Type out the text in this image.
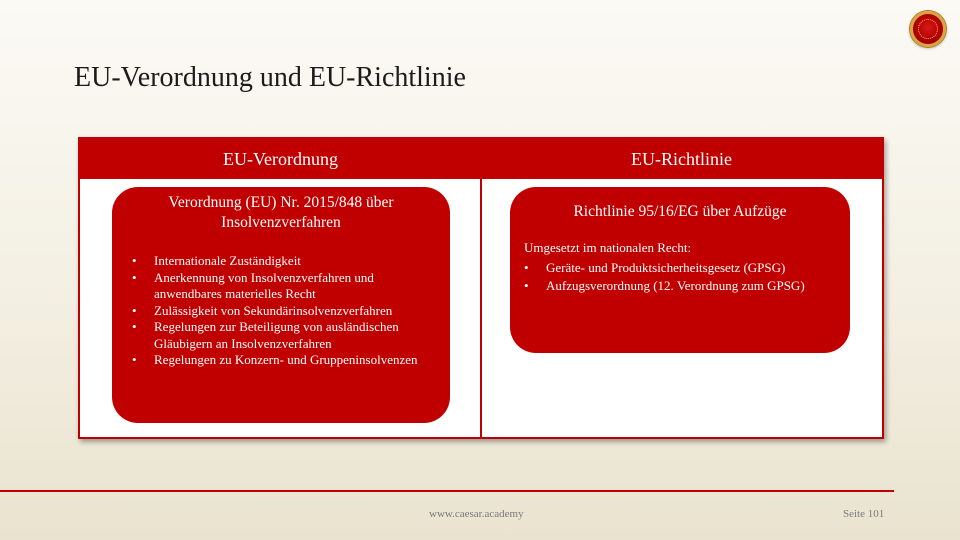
EU-Verordnung und EU-Richtlinie
EU-Verordnung	EU-Richtlinie

Verordnung (EU) Nr. 2015/848 über Insolvenzverfahren

• Internationale Zuständigkeit
• Anerkennung von Insolvenzverfahren und anwendbares materielles Recht
• Zulässigkeit von Sekundärinsolvenzverfahren
• Regelungen zur Beteiligung von ausländischen Gläubigern an Insolvenzverfahren
• Regelungen zu Konzern- und Gruppeninsolvenzen

Richtlinie 95/16/EG über Aufzüge

Umgesetzt im nationalen Recht:

• Geräte- und Produktsicherheitsgesetz (GPSG)
• Aufzugsverordnung (12. Verordnung zum GPSG)
www.caesar.academy	Seite 101
